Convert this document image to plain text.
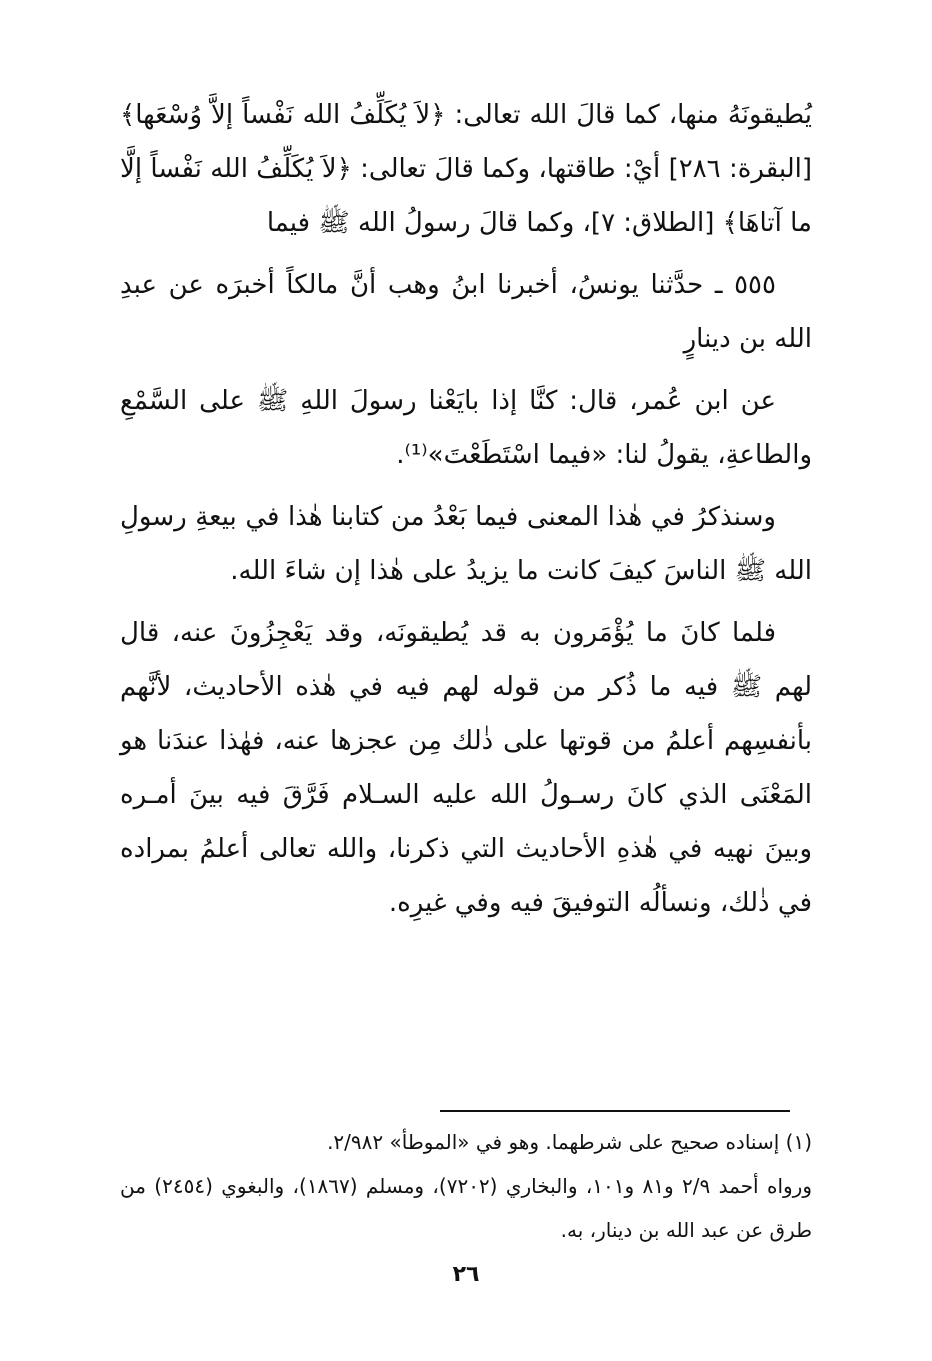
يُطيقونَهُ منها، كما قالَ الله تعالى: ﴿لاَ يُكَلِّفُ الله نَفْساً إلاَّ وُسْعَها﴾ [البقرة: ٢٨٦] أيْ: طاقتها، وكما قالَ تعالى: ﴿لاَ يُكَلِّفُ الله نَفْساً إلَّا ما آتاهَا﴾ [الطلاق: ٧]، وكما قالَ رسولُ الله ﷺ فيما

٥٥٥ ـ حدَّثنا يونسُ، أخبرنا ابنُ وهب أنَّ مالكاً أخبرَه عن عبدِ الله بن دينارٍ

عن ابن عُمر، قال: كنَّا إذا بايَعْنا رسولَ اللهِ ﷺ على السَّمْعِ والطاعةِ، يقولُ لنا: «فيما اسْتَطَعْتَ»⁽¹⁾.

وسنذكرُ في هٰذا المعنى فيما بَعْدُ من كتابنا هٰذا في بيعةِ رسولِ الله ﷺ الناسَ كيفَ كانت ما يزيدُ على هٰذا إن شاءَ الله.

فلما كانَ ما يُؤْمَرون به قد يُطيقونَه، وقد يَعْجِزُونَ عنه، قال لهم ﷺ فيه ما ذُكر من قوله لهم فيه في هٰذه الأحاديث، لأنَّهم بأنفسِهم أعلمُ من قوتها على ذٰلك مِن عجزها عنه، فهٰذا عندَنا هو المَعْنَى الذي كانَ رسـولُ الله عليه السـلام فَرَّقَ فيه بينَ أمـره وبينَ نهيه في هٰذهِ الأحاديث التي ذكرنا، والله تعالى أعلمُ بمراده في ذٰلك، ونسألُه التوفيقَ فيه وفي غيرِه.

(١) إسناده صحيح على شرطهما. وهو في «الموطأ» ٢/٩٨٢.

ورواه أحمد ٢/٩ و٨١ و١٠١، والبخاري (٧٢٠٢)، ومسلم (١٨٦٧)، والبغوي (٢٤٥٤) من طرق عن عبد الله بن دينار، به.

٢٦
